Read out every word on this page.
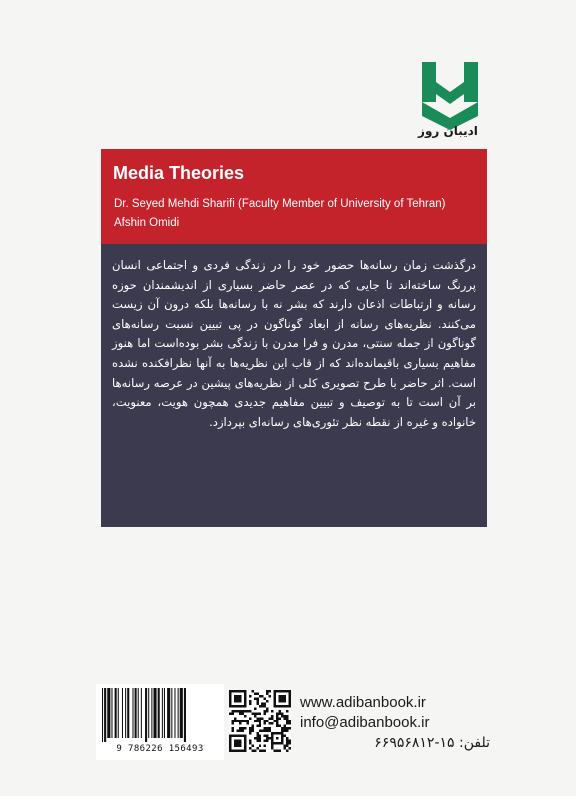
ادیبان روز
Media Theories
Dr. Seyed Mehdi Sharifi (Faculty Member of University of Tehran)
Afshin Omidi
درگذشت زمان رسانه‌ها حضور خود را در زندگی فردی و اجتماعی انسان پررنگ ساخته‌اند تا جایی که در عصر حاضر بسیاری از اندیشمندان حوزه رسانه و ارتباطات اذعان دارند که بشر نه با رسانه‌ها بلکه درون آن زیست می‌کنند. نظریه‌های رسانه از ابعاد گوناگون در پی تبیین نسبت رسانه‌های گوناگون از جمله سنتی، مدرن و فرا مدرن با زندگی بشر بوده‌است اما هنوز مفاهیم بسیاری باقیمانده‌اند که از قاب این نظریه‌ها به آنها نظرافکنده نشده است. اثر حاضر با طرح تصویری کلی از نظریه‌های پیشین در عرصه رسانه‌ها بر آن است تا به توصیف و تبیین مفاهیم جدیدی همچون هویت، معنویت، خانواده و غیره از نقطه نظر تئوری‌های رسانه‌ای بپردازد.
9 786226 156493
www.adibanbook.ir
info@adibanbook.ir
تلفن: ۱۵-۶۶۹۵۶۸۱۲
